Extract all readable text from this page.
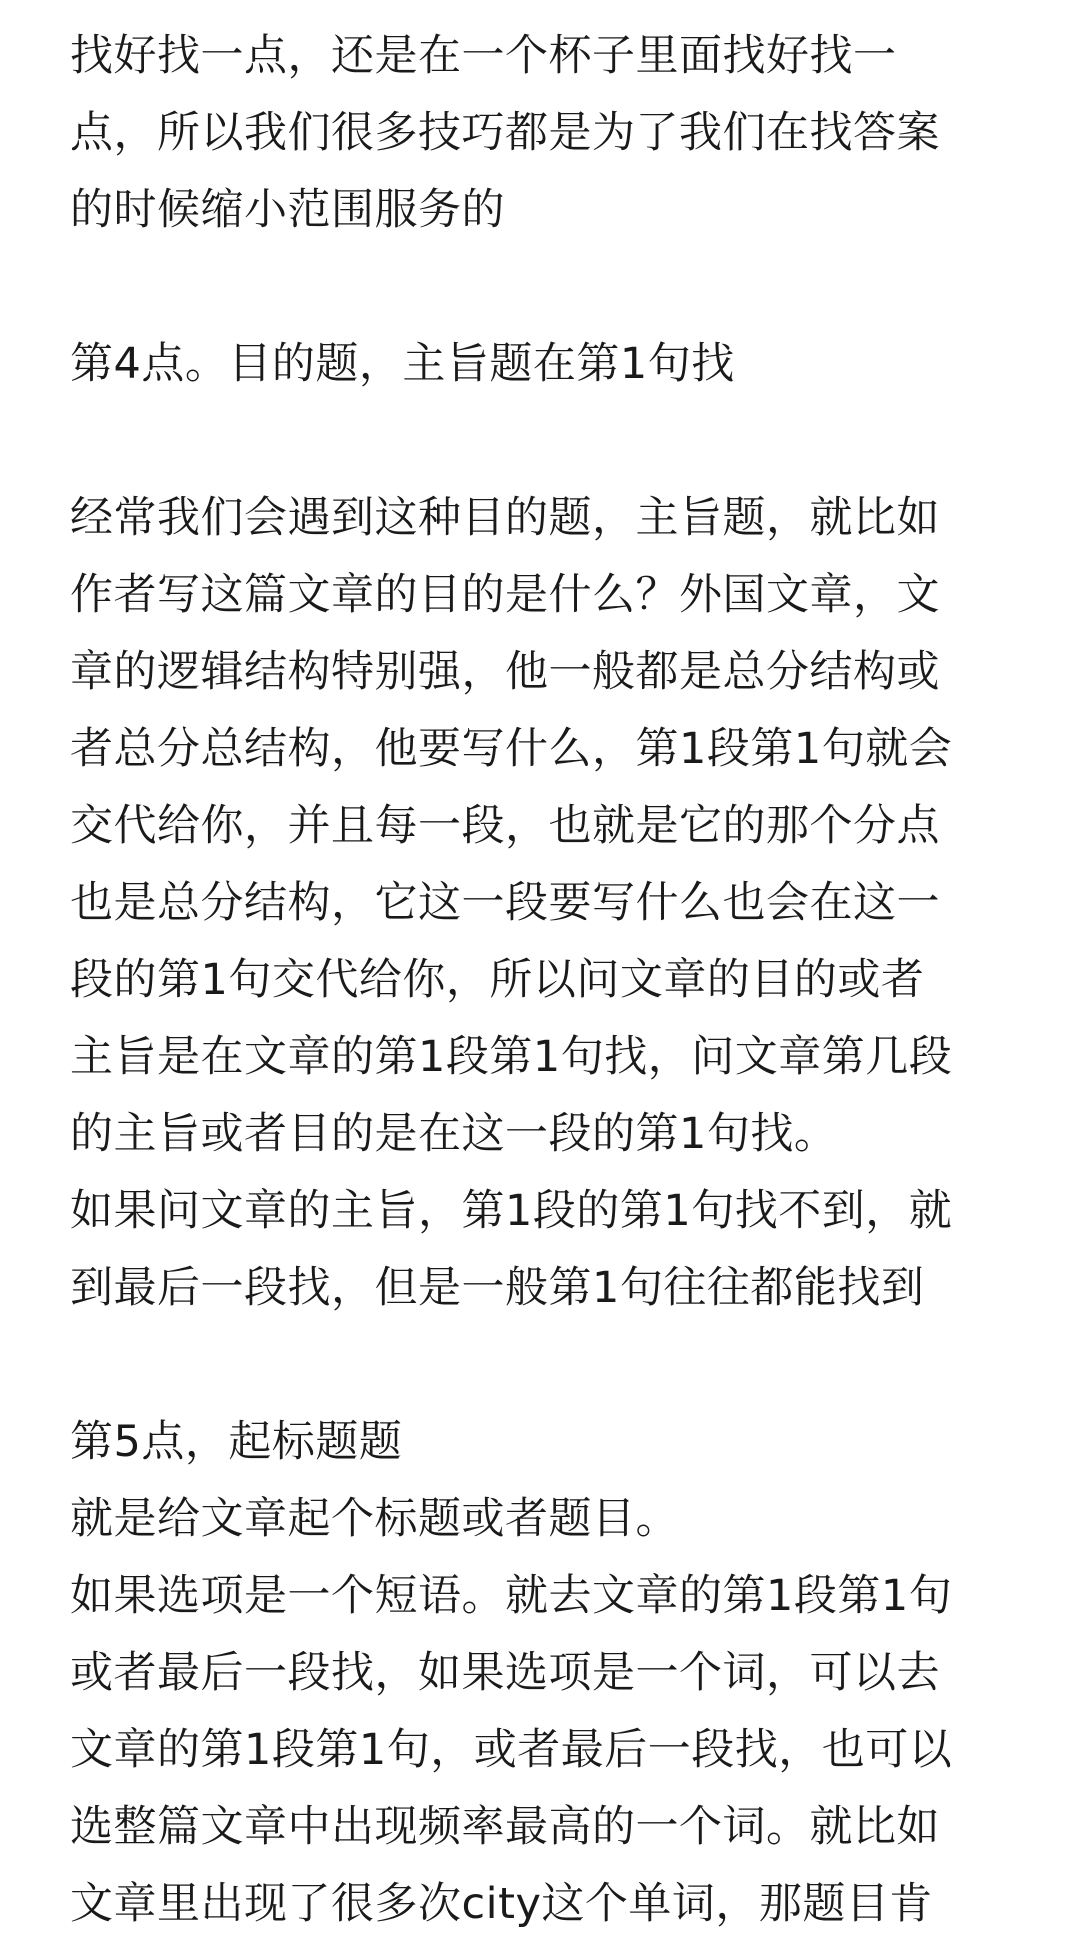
找好找一点，还是在一个杯子里面找好找一
点，所以我们很多技巧都是为了我们在找答案
的时候缩小范围服务的
第4点。目的题，主旨题在第1句找
经常我们会遇到这种目的题，主旨题，就比如
作者写这篇文章的目的是什么？外国文章，文
章的逻辑结构特别强，他一般都是总分结构或
者总分总结构，他要写什么，第1段第1句就会
交代给你，并且每一段，也就是它的那个分点
也是总分结构，它这一段要写什么也会在这一
段的第1句交代给你，所以问文章的目的或者
主旨是在文章的第1段第1句找，问文章第几段
的主旨或者目的是在这一段的第1句找。
如果问文章的主旨，第1段的第1句找不到，就
到最后一段找，但是一般第1句往往都能找到
第5点，起标题题
就是给文章起个标题或者题目。
如果选项是一个短语。就去文章的第1段第1句
或者最后一段找，如果选项是一个词，可以去
文章的第1段第1句，或者最后一段找，也可以
选整篇文章中出现频率最高的一个词。就比如
文章里出现了很多次city这个单词，那题目肯
